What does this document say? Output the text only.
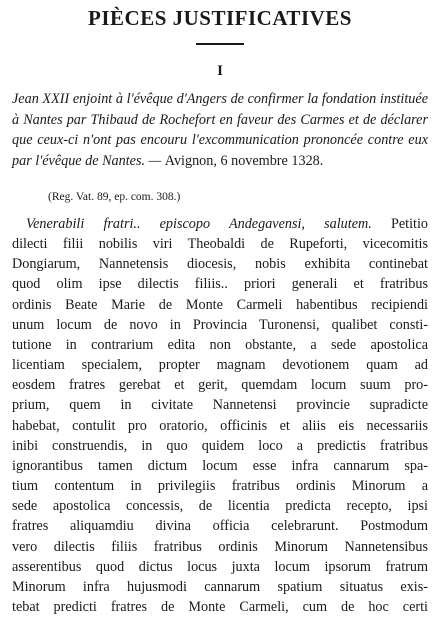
PIÈCES JUSTIFICATIVES
I

Jean XXII enjoint à l'évêque d'Angers de confirmer la fondation instituée à Nantes par Thibaud de Rochefort en faveur des Carmes et de déclarer que ceux-ci n'ont pas encouru l'excommunication prononcée contre eux par l'évêque de Nantes. — Avignon, 6 novembre 1328.

(Reg. Vat. 89, ep. com. 308.)
Venerabili fratri.. episcopo Andegavensi, salutem. Petitio
dilecti filii nobilis viri Theobaldi de Rupeforti, vicecomitis
Dongiarum, Nannetensis diocesis, nobis exhibita continebat
quod olim ipse dilectis filiis.. priori generali et fratribus
ordinis Beate Marie de Monte Carmeli habentibus recipiendi
unum locum de novo in Provincia Turonensi, qualibet consti-
tutione in contrarium edita non obstante, a sede apostolica
licentiam specialem, propter magnam devotionem quam ad
eosdem fratres gerebat et gerit, quemdam locum suum pro-
prium, quem in civitate Nannetensi provincie supradicte
habebat, contulit pro oratorio, officinis et aliis eis necessariis
inibi construendis, in quo quidem loco a predictis fratribus
ignorantibus tamen dictum locum esse infra cannarum spa-
tium contentum in privilegiis fratribus ordinis Minorum a
sede apostolica concessis, de licentia predicta recepto, ipsi
fratres aliquamdiu divina officia celebrarunt. Postmodum
vero dilectis filiis fratribus ordinis Minorum Nannetensibus
asserentibus quod dictus locus juxta locum ipsorum fratrum
Minorum infra hujusmodi cannarum spatium situatus exis-
tebat predicti fratres de Monte Carmeli, cum de hoc certi
